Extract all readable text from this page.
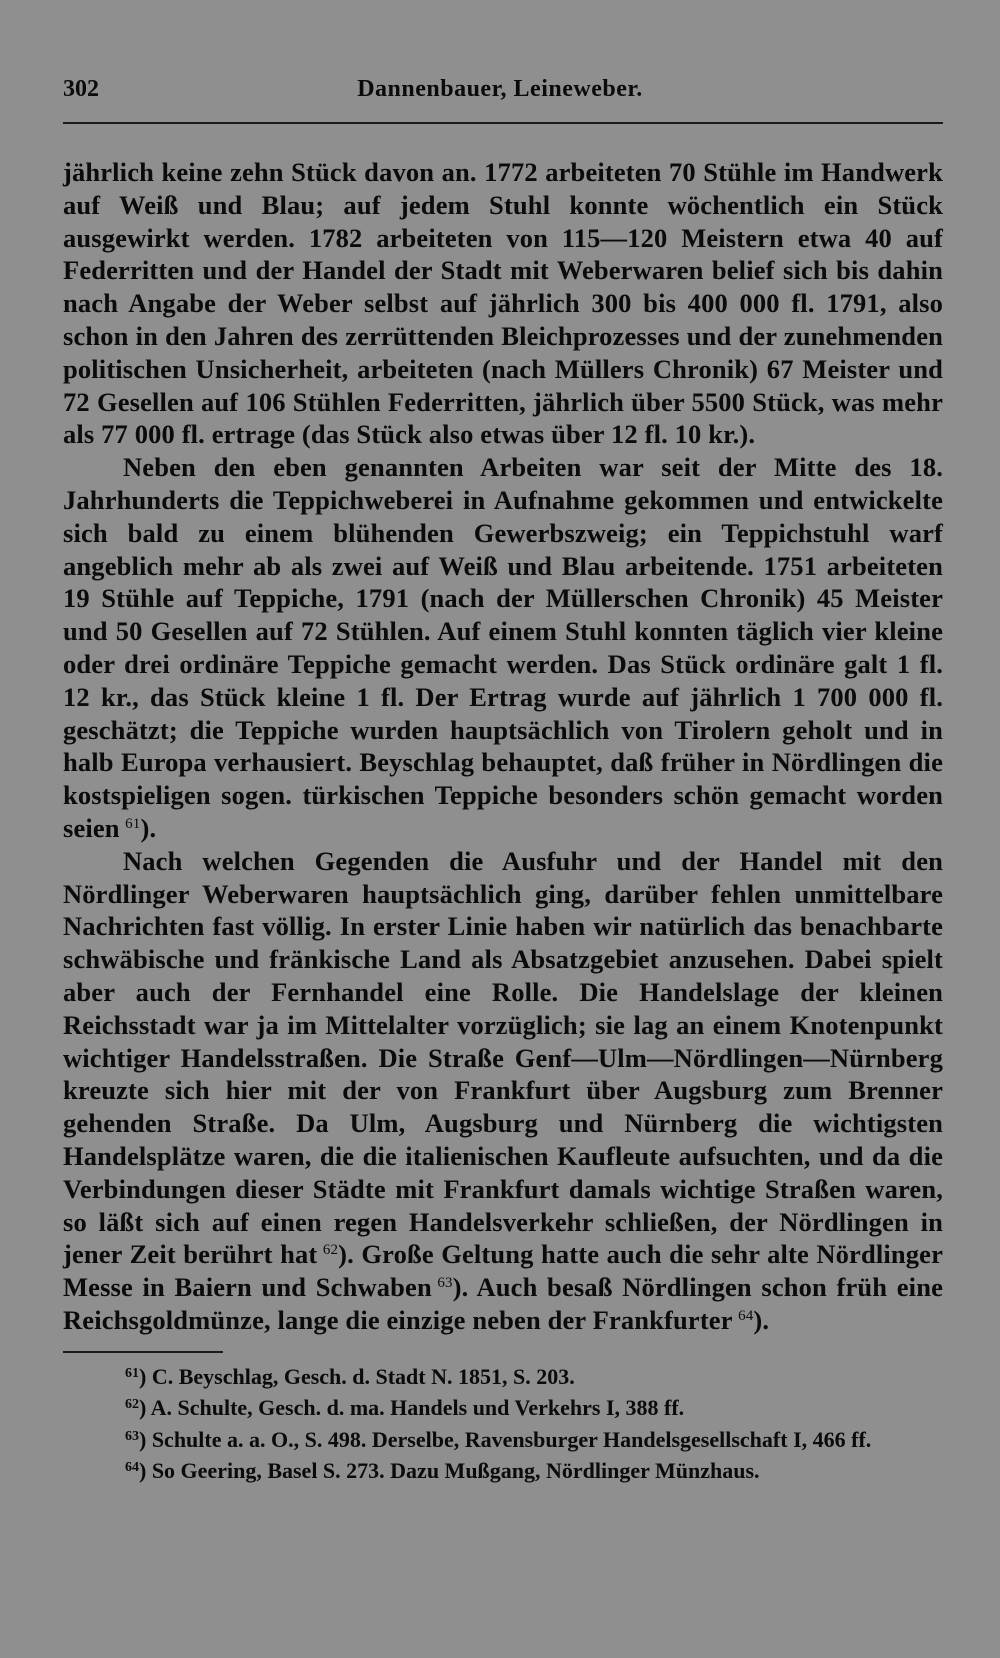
302	Dannenbauer, Leineweber.

jährlich keine zehn Stück davon an. 1772 arbeiteten 70 Stühle im Handwerk auf Weiß und Blau; auf jedem Stuhl konnte wöchentlich ein Stück ausgewirkt werden. 1782 arbeiteten von 115—120 Meistern etwa 40 auf Federritten und der Handel der Stadt mit Weberwaren belief sich bis dahin nach Angabe der Weber selbst auf jährlich 300 bis 400 000 fl. 1791, also schon in den Jahren des zerrüttenden Bleichprozesses und der zunehmenden politischen Unsicherheit, arbeiteten (nach Müllers Chronik) 67 Meister und 72 Gesellen auf 106 Stühlen Federritten, jährlich über 5500 Stück, was mehr als 77 000 fl. ertrage (das Stück also etwas über 12 fl. 10 kr.).

Neben den eben genannten Arbeiten war seit der Mitte des 18. Jahrhunderts die Teppichweberei in Aufnahme gekommen und entwickelte sich bald zu einem blühenden Gewerbszweig; ein Teppichstuhl warf angeblich mehr ab als zwei auf Weiß und Blau arbeitende. 1751 arbeiteten 19 Stühle auf Teppiche, 1791 (nach der Müllerschen Chronik) 45 Meister und 50 Gesellen auf 72 Stühlen. Auf einem Stuhl konnten täglich vier kleine oder drei ordinäre Teppiche gemacht werden. Das Stück ordinäre galt 1 fl. 12 kr., das Stück kleine 1 fl. Der Ertrag wurde auf jährlich 1 700 000 fl. geschätzt; die Teppiche wurden hauptsächlich von Tirolern geholt und in halb Europa verhausiert. Beyschlag behauptet, daß früher in Nördlingen die kostspieligen sogen. türkischen Teppiche besonders schön gemacht worden seien  $^{61}$).

Nach welchen Gegenden die Ausfuhr und der Handel mit den Nördlinger Weberwaren hauptsächlich ging, darüber fehlen unmittelbare Nachrichten fast völlig. In erster Linie haben wir natürlich das benachbarte schwäbische und fränkische Land als Absatzgebiet anzusehen. Dabei spielt aber auch der Fernhandel eine Rolle. Die Handelslage der kleinen Reichsstadt war ja im Mittelalter vorzüglich; sie lag an einem Knotenpunkt wichtiger Handelsstraßen. Die Straße Genf—Ulm—Nördlingen—Nürnberg kreuzte sich hier mit der von Frankfurt über Augsburg zum Brenner gehenden Straße. Da Ulm, Augsburg und Nürnberg die wichtigsten Handelsplätze waren, die die italienischen Kaufleute aufsuchten, und da die Verbindungen dieser Städte mit Frankfurt damals wichtige Straßen waren, so läßt sich auf einen regen Handelsverkehr schließen, der Nördlingen in jener Zeit berührt hat  $^{62}$). Große Geltung hatte auch die sehr alte Nördlinger Messe in Baiern und Schwaben  $^{63}$). Auch besaß Nördlingen schon früh eine Reichsgoldmünze, lange die einzige neben der Frankfurter  $^{64}$).

$^{61}$) C. Beyschlag, Gesch. d. Stadt N. 1851, S. 203.

$^{62}$) A. Schulte, Gesch. d. ma. Handels und Verkehrs I, 388 ff.

$^{63}$) Schulte a. a. O., S. 498. Derselbe, Ravensburger Handelsgesellschaft I, 466 ff.

$^{64}$) So Geering, Basel S. 273. Dazu Mußgang, Nördlinger Münzhaus.
